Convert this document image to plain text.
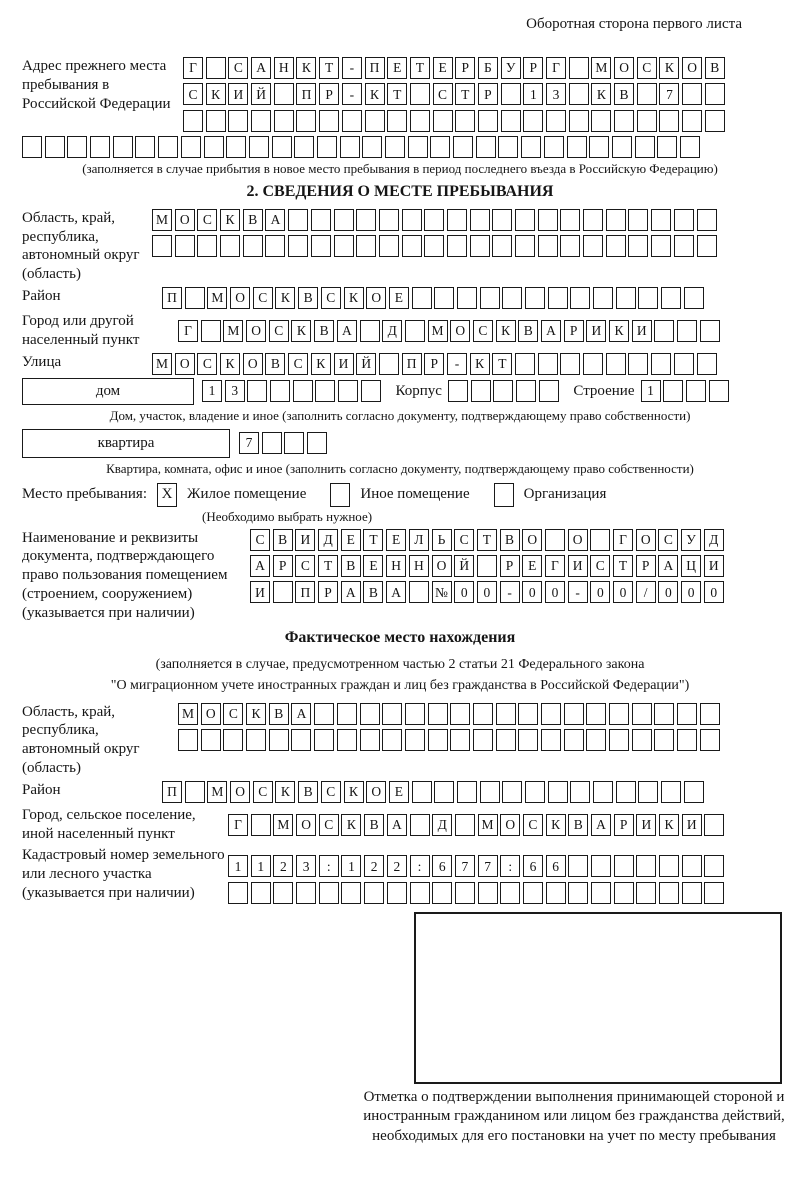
Оборотная сторона первого листа
Адрес прежнего места пребывания в Российской Федерации
Г	С А Н К	Т	-	П	Е	Т	Е	Р	Б	У	Р	Г	М О С	К О В
С	К И Й	П	Р	-	К	Т	С	Т	Р	1	3	К	В	7
(заполняется в случае прибытия в новое место пребывания в период последнего въезда в Российскую Федерацию)
2. СВЕДЕНИЯ О МЕСТЕ ПРЕБЫВАНИЯ
Область, край, республика, автономный округ (область)
М О С	К	В А
Район	П	М О С	К	В	С	К О	Е
Город или другой населенный пункт
Г	М О С	К	В А	Д	М О С	К	В А	Р	И К И
Улица	М О С	К О В	С	К И Й	П	Р	-	К	Т
дом	1	3	Корпус	Строение 1
Дом, участок, владение и иное (заполнить согласно документу, подтверждающему право собственности)
квартира	7
Квартира, комната, офис и иное (заполнить согласно документу, подтверждающему право собственности)
Место пребывания: X Жилое помещение	Иное помещение	Организация
(Необходимо выбрать нужное)
Наименование и реквизиты документа, подтверждающего право пользования помещением (строением, сооружением) (указывается при наличии)
С	В И Д	Е	Т	Е	Л	Ь	С	Т	В О	О	Г	О С У Д
А	Р	С	Т	В	Е	Н Н О Й	Р	Е	Г	И С	Т	Р	А Ц И
И	П	Р	А В А	№ 0	0	-	0	0	-	0	0	/	0	0	0
Фактическое место нахождения
(заполняется в случае, предусмотренном частью 2 статьи 21 Федерального закона
"О миграционном учете иностранных граждан и лиц без гражданства в Российской Федерации")
Область, край, республика, автономный округ (область)
М О С	К	В А
Район	П	М О С	К	В	С	К О	Е
Город, сельское поселение, иной населенный пункт
Г	М О С	К	В А	Д	М О С	К	В А	Р	И К И
Кадастровый номер земельного или лесного участка (указывается при наличии)
1	1	2	3	:	1	2	2	:	6	7	7	:	6	6
Отметка о подтверждении выполнения принимающей стороной и иностранным гражданином или лицом без гражданства действий, необходимых для его постановки на учет по месту пребывания
